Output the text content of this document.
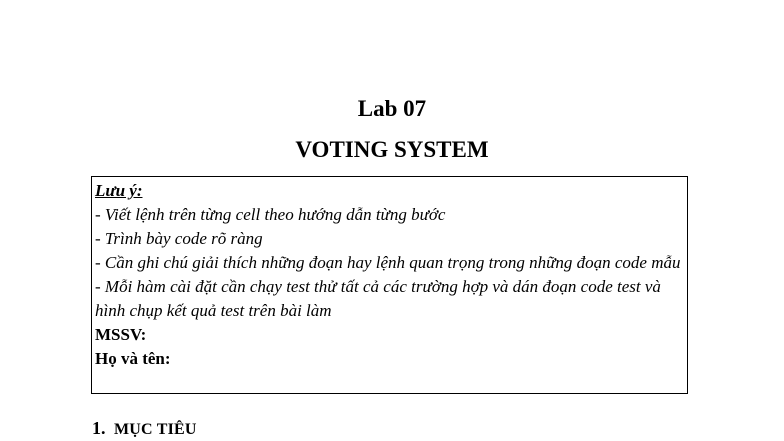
Lab 07
VOTING SYSTEM
Lưu ý:
- Viết lệnh trên từng cell theo hướng dẫn từng bước
- Trình bày code rõ ràng
- Cần ghi chú giải thích những đoạn hay lệnh quan trọng trong những đoạn code mẫu
- Mỗi hàm cài đặt cần chạy test thử tất cả các trường hợp và dán đoạn code test và hình chụp kết quả test trên bài làm
MSSV:
Họ và tên:
1. MỤC TIÊU
